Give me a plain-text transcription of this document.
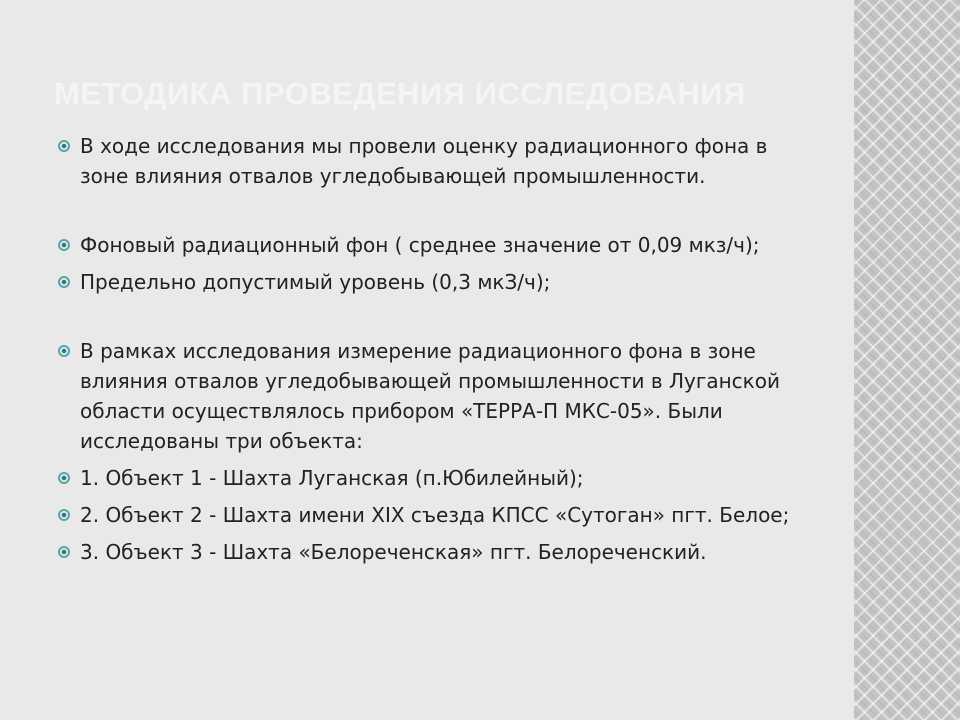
МЕТОДИКА ПРОВЕДЕНИЯ ИССЛЕДОВАНИЯ
В ходе исследования мы провели оценку радиационного фона в зоне влияния отвалов угледобывающей промышленности.
Фоновый радиационный фон ( среднее значение от 0,09 мкз/ч);
Предельно допустимый уровень (0,3 мкЗ/ч);
В рамках исследования измерение радиационного фона в зоне влияния отвалов угледобывающей промышленности в Луганской области осуществлялось прибором «ТЕРРА-П МКС-05». Были исследованы три объекта:
1. Объект 1 - Шахта Луганская (п.Юбилейный);
2. Объект 2 - Шахта имени XIX съезда КПСС «Сутоган» пгт. Белое;
3. Объект 3 - Шахта «Белореченская» пгт. Белореченский.
